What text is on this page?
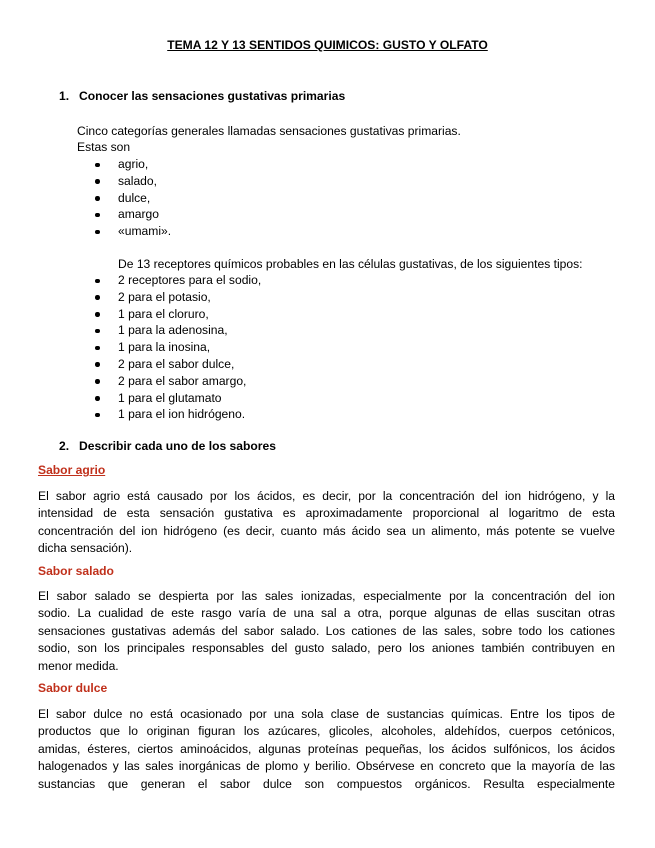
TEMA 12 Y 13 SENTIDOS QUIMICOS: GUSTO Y OLFATO
1. Conocer las sensaciones gustativas primarias
Cinco categorías generales llamadas sensaciones gustativas primarias.
Estas son
agrio,
salado,
dulce,
amargo
«umami».
De 13 receptores químicos probables en las células gustativas, de los siguientes tipos:
2 receptores para el sodio,
2 para el potasio,
1 para el cloruro,
1 para la adenosina,
1 para la inosina,
2 para el sabor dulce,
2 para el sabor amargo,
1 para el glutamato
1 para el ion hidrógeno.
2. Describir cada uno de los sabores
Sabor agrio
El sabor agrio está causado por los ácidos, es decir, por la concentración del ion hidrógeno, y la
intensidad de esta sensación gustativa es aproximadamente proporcional al logaritmo de esta
concentración del ion hidrógeno (es decir, cuanto más ácido sea un alimento, más potente se vuelve
dicha sensación).
Sabor salado
El sabor salado se despierta por las sales ionizadas, especialmente por la concentración del ion
sodio. La cualidad de este rasgo varía de una sal a otra, porque algunas de ellas suscitan otras
sensaciones gustativas además del sabor salado. Los cationes de las sales, sobre todo los cationes
sodio, son los principales responsables del gusto salado, pero los aniones también contribuyen en
menor medida.
Sabor dulce
El sabor dulce no está ocasionado por una sola clase de sustancias químicas. Entre los tipos de
productos que lo originan figuran los azúcares, glicoles, alcoholes, aldehídos, cuerpos cetónicos,
amidas, ésteres, ciertos aminoácidos, algunas proteínas pequeñas, los ácidos sulfónicos, los ácidos
halogenados y las sales inorgánicas de plomo y berilio. Obsérvese en concreto que la mayoría de las
sustancias que generan el sabor dulce son compuestos orgánicos. Resulta especialmente
